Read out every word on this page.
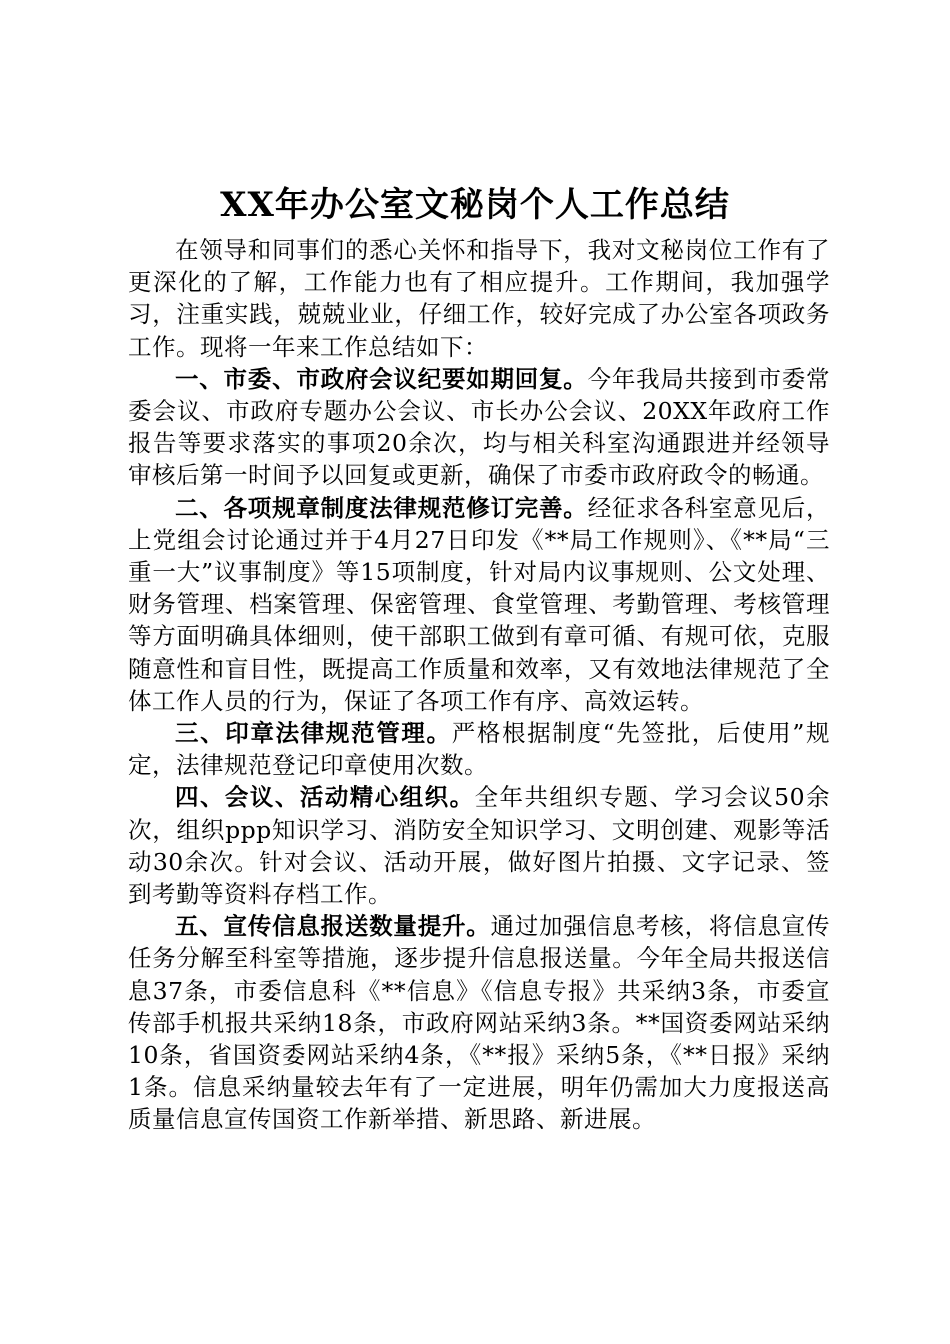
XX年办公室文秘岗个人工作总结

在领导和同事们的悉心关怀和指导下，我对文秘岗位工作有了更深化的了解，工作能力也有了相应提升。工作期间，我加强学习，注重实践，兢兢业业，仔细工作，较好完成了办公室各项政务工作。现将一年来工作总结如下：

一、市委、市政府会议纪要如期回复。今年我局共接到市委常委会议、市政府专题办公会议、市长办公会议、20XX年政府工作报告等要求落实的事项20余次，均与相关科室沟通跟进并经领导审核后第一时间予以回复或更新，确保了市委市政府政令的畅通。

二、各项规章制度法律规范修订完善。经征求各科室意见后，上党组会讨论通过并于4月27日印发《**局工作规则》、《**局“三重一大”议事制度》等15项制度，针对局内议事规则、公文处理、财务管理、档案管理、保密管理、食堂管理、考勤管理、考核管理等方面明确具体细则，使干部职工做到有章可循、有规可依，克服随意性和盲目性，既提高工作质量和效率，又有效地法律规范了全体工作人员的行为，保证了各项工作有序、高效运转。

三、印章法律规范管理。严格根据制度“先签批，后使用”规定，法律规范登记印章使用次数。

四、会议、活动精心组织。全年共组织专题、学习会议50余次，组织ppp知识学习、消防安全知识学习、文明创建、观影等活动30余次。针对会议、活动开展，做好图片拍摄、文字记录、签到考勤等资料存档工作。

五、宣传信息报送数量提升。通过加强信息考核，将信息宣传任务分解至科室等措施，逐步提升信息报送量。今年全局共报送信息37条，市委信息科《**信息》《信息专报》共采纳3条，市委宣传部手机报共采纳18条，市政府网站采纳3条。**国资委网站采纳10条，省国资委网站采纳4条，《**报》采纳5条，《**日报》采纳1条。信息采纳量较去年有了一定进展，明年仍需加大力度报送高质量信息宣传国资工作新举措、新思路、新进展。
